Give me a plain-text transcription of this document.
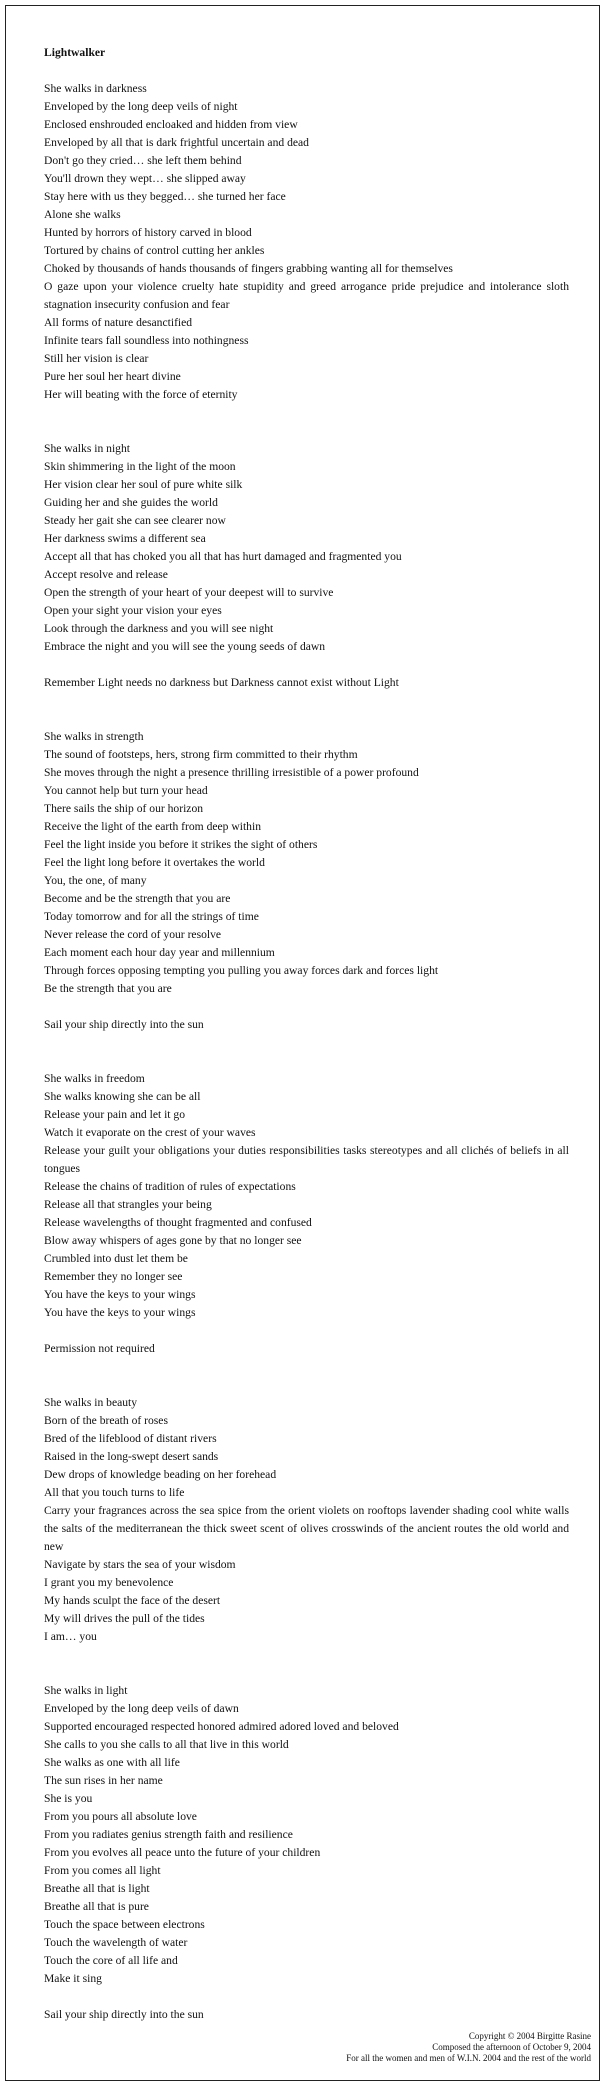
Lightwalker
She walks in darkness
Enveloped by the long deep veils of night
Enclosed enshrouded encloaked and hidden from view
Enveloped by all that is dark frightful uncertain and dead
Don't go they cried… she left them behind
You'll drown they wept… she slipped away
Stay here with us they begged… she turned her face
Alone she walks
Hunted by horrors of history carved in blood
Tortured by chains of control cutting her ankles
Choked by thousands of hands thousands of fingers grabbing wanting all for themselves
O gaze upon your violence cruelty hate stupidity and greed arrogance pride prejudice and intolerance sloth stagnation insecurity confusion and fear
All forms of nature desanctified
Infinite tears fall soundless into nothingness
Still her vision is clear
Pure her soul her heart divine
Her will beating with the force of eternity
She walks in night
Skin shimmering in the light of the moon
Her vision clear her soul of pure white silk
Guiding her and she guides the world
Steady her gait she can see clearer now
Her darkness swims a different sea
Accept all that has choked you all that has hurt damaged and fragmented you
Accept resolve and release
Open the strength of your heart of your deepest will to survive
Open your sight your vision your eyes
Look through the darkness and you will see night
Embrace the night and you will see the young seeds of dawn
Remember Light needs no darkness but Darkness cannot exist without Light
She walks in strength
The sound of footsteps, hers, strong firm committed to their rhythm
She moves through the night a presence thrilling irresistible of a power profound
You cannot help but turn your head
There sails the ship of our horizon
Receive the light of the earth from deep within
Feel the light inside you before it strikes the sight of others
Feel the light long before it overtakes the world
You, the one, of many
Become and be the strength that you are
Today tomorrow and for all the strings of time
Never release the cord of your resolve
Each moment each hour day year and millennium
Through forces opposing tempting you pulling you away forces dark and forces light
Be the strength that you are
Sail your ship directly into the sun
She walks in freedom
She walks knowing she can be all
Release your pain and let it go
Watch it evaporate on the crest of your waves
Release your guilt your obligations your duties responsibilities tasks stereotypes and all clichés of beliefs in all tongues
Release the chains of tradition of rules of expectations
Release all that strangles your being
Release wavelengths of thought fragmented and confused
Blow away whispers of ages gone by that no longer see
Crumbled into dust let them be
Remember they no longer see
You have the keys to your wings
You have the keys to your wings
Permission not required
She walks in beauty
Born of the breath of roses
Bred of the lifeblood of distant rivers
Raised in the long-swept desert sands
Dew drops of knowledge beading on her forehead
All that you touch turns to life
Carry your fragrances across the sea spice from the orient violets on rooftops lavender shading cool white walls the salts of the mediterranean the thick sweet scent of olives crosswinds of the ancient routes the old world and new
Navigate by stars the sea of your wisdom
I grant you my benevolence
My hands sculpt the face of the desert
My will drives the pull of the tides
I am… you
She walks in light
Enveloped by the long deep veils of dawn
Supported encouraged respected honored admired adored loved and beloved
She calls to you she calls to all that live in this world
She walks as one with all life
The sun rises in her name
She is you
From you pours all absolute love
From you radiates genius strength faith and resilience
From you evolves all peace unto the future of your children
From you comes all light
Breathe all that is light
Breathe all that is pure
Touch the space between electrons
Touch the wavelength of water
Touch the core of all life and
Make it sing
Sail your ship directly into the sun
Copyright © 2004 Birgitte Rasine
Composed the afternoon of October 9, 2004
For all the women and men of W.I.N. 2004 and the rest of the world
